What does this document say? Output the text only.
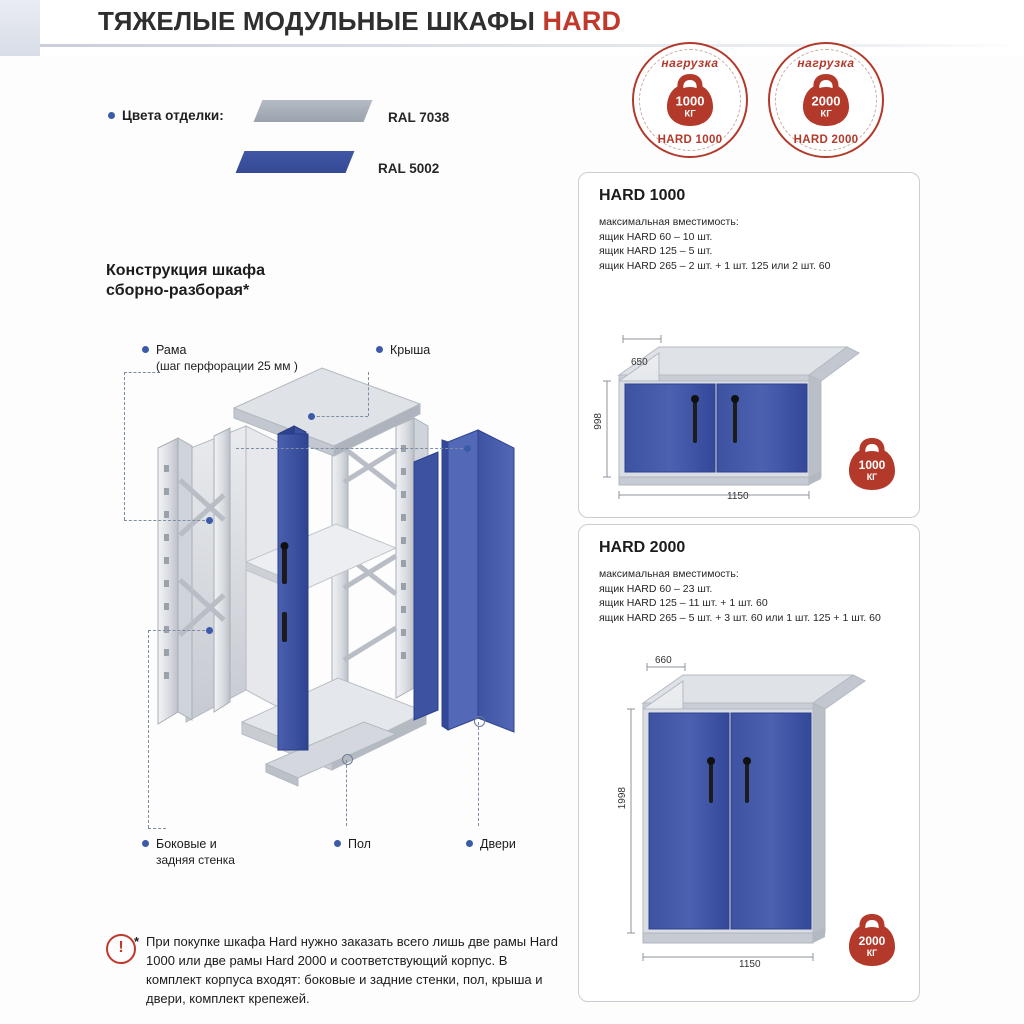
ТЯЖЕЛЫЕ МОДУЛЬНЫЕ ШКАФЫ HARD
Цвета отделки:	RAL 7038
RAL 5002
Конструкция шкафа
сборно-разборая*
Рама
(шаг перфорации 25 мм )
Крыша
Боковые и
задняя стенка
Пол	Двери
! * При покупке шкафа Hard нужно заказать всего лишь две рамы Hard 1000 или две рамы Hard 2000 и соответствующий корпус. В комплект корпуса входят: боковые и задние стенки, пол, крыша и двери, комплект крепежей.
нагрузка
1000
КГ
HARD 1000
нагрузка
2000
КГ
HARD 2000
HARD 1000
максимальная вместимость:
ящик HARD 60 – 10 шт.
ящик HARD 125 – 5 шт.
ящик HARD 265 – 2 шт. + 1 шт. 125 или 2 шт. 60
650
998
1150
1000
КГ
HARD 2000
максимальная вместимость:
ящик HARD 60 – 23 шт.
ящик HARD 125 – 11 шт. + 1 шт. 60
ящик HARD 265 – 5 шт. + 3 шт. 60 или 1 шт. 125 + 1 шт. 60
660
1998
1150
2000
КГ
